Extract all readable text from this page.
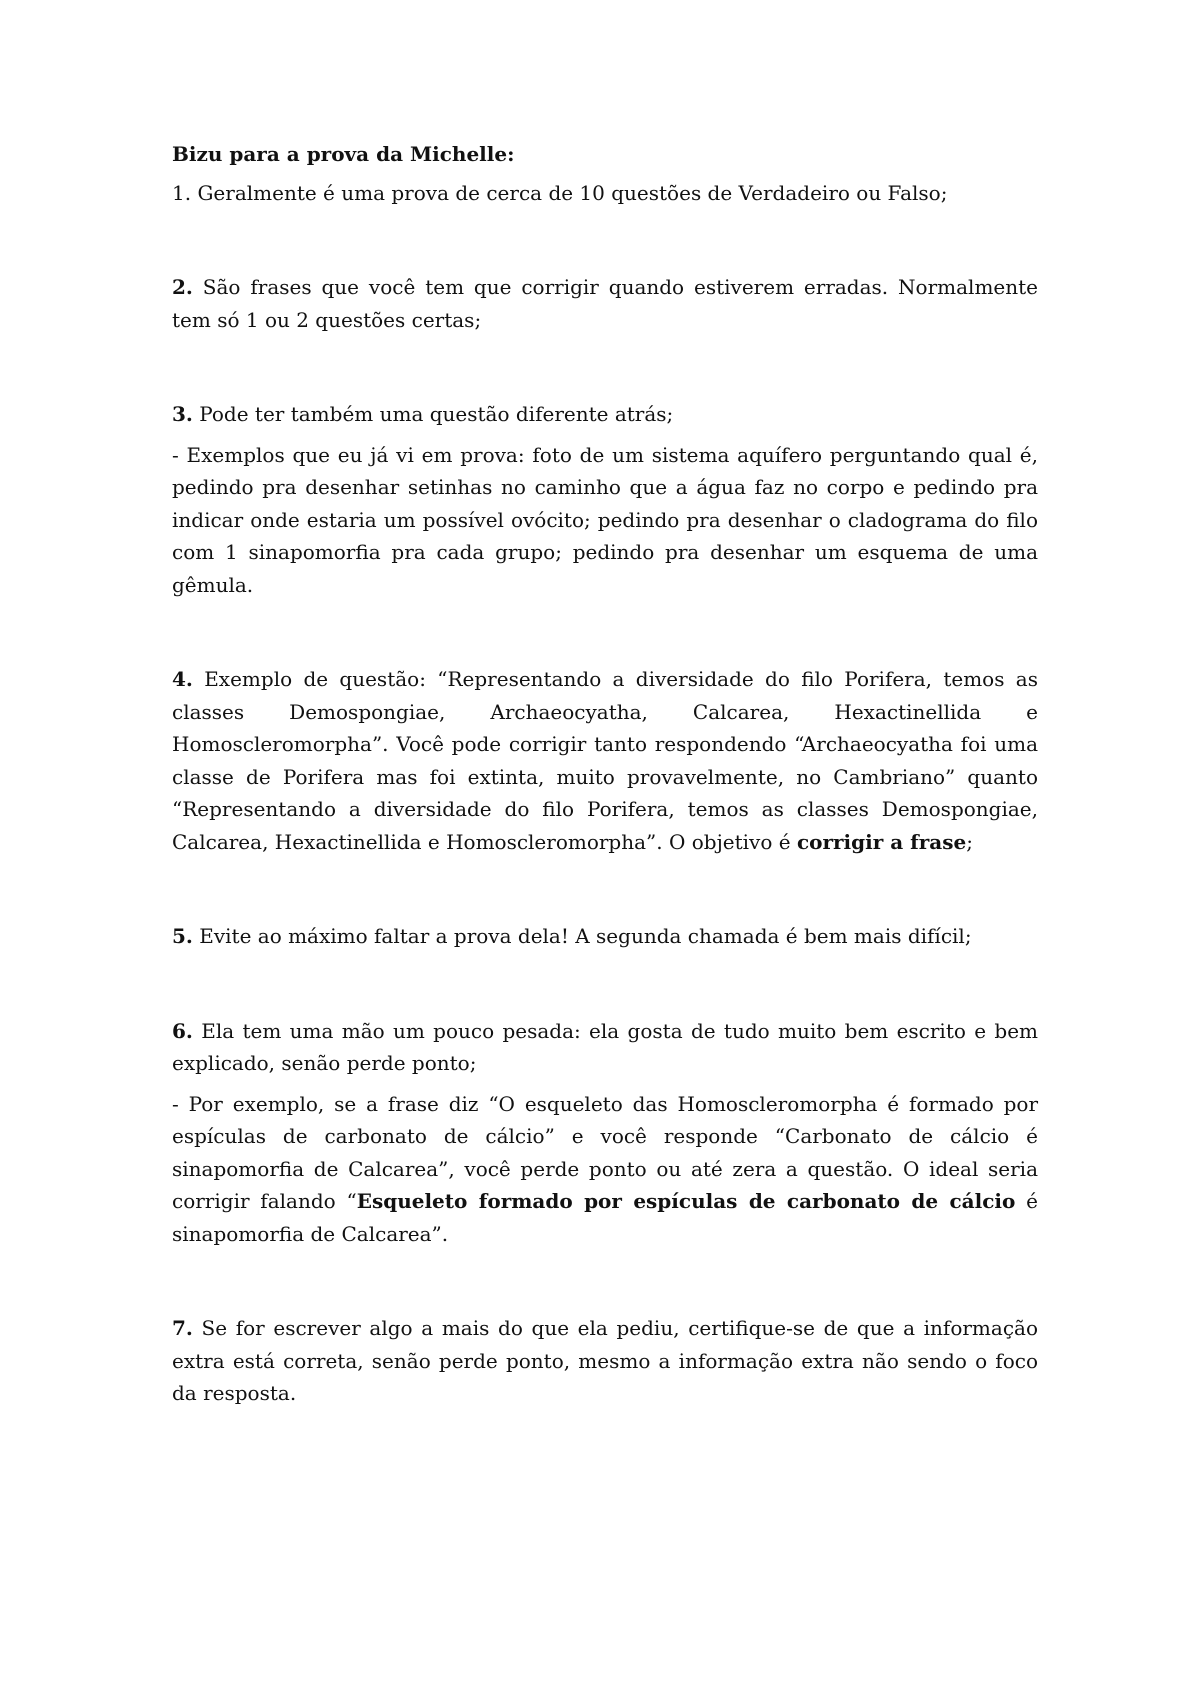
Bizu para a prova da Michelle:

1. Geralmente é uma prova de cerca de 10 questões de Verdadeiro ou Falso;

2. São frases que você tem que corrigir quando estiverem erradas. Normalmente tem só 1 ou 2 questões certas;

3. Pode ter também uma questão diferente atrás;

- Exemplos que eu já vi em prova: foto de um sistema aquífero perguntando qual é, pedindo pra desenhar setinhas no caminho que a água faz no corpo e pedindo pra indicar onde estaria um possível ovócito; pedindo pra desenhar o cladograma do filo com 1 sinapomorfia pra cada grupo; pedindo pra desenhar um esquema de uma gêmula.

4. Exemplo de questão: “Representando a diversidade do filo Porifera, temos as classes Demospongiae, Archaeocyatha, Calcarea, Hexactinellida e Homoscleromorpha”. Você pode corrigir tanto respondendo “Archaeocyatha foi uma classe de Porifera mas foi extinta, muito provavelmente, no Cambriano” quanto “Representando a diversidade do filo Porifera, temos as classes Demospongiae, Calcarea, Hexactinellida e Homoscleromorpha”. O objetivo é corrigir a frase;

5. Evite ao máximo faltar a prova dela! A segunda chamada é bem mais difícil;

6. Ela tem uma mão um pouco pesada: ela gosta de tudo muito bem escrito e bem explicado, senão perde ponto;

- Por exemplo, se a frase diz “O esqueleto das Homoscleromorpha é formado por espículas de carbonato de cálcio” e você responde “Carbonato de cálcio é sinapomorfia de Calcarea”, você perde ponto ou até zera a questão. O ideal seria corrigir falando “Esqueleto formado por espículas de carbonato de cálcio é sinapomorfia de Calcarea”.

7. Se for escrever algo a mais do que ela pediu, certifique-se de que a informação extra está correta, senão perde ponto, mesmo a informação extra não sendo o foco da resposta.
